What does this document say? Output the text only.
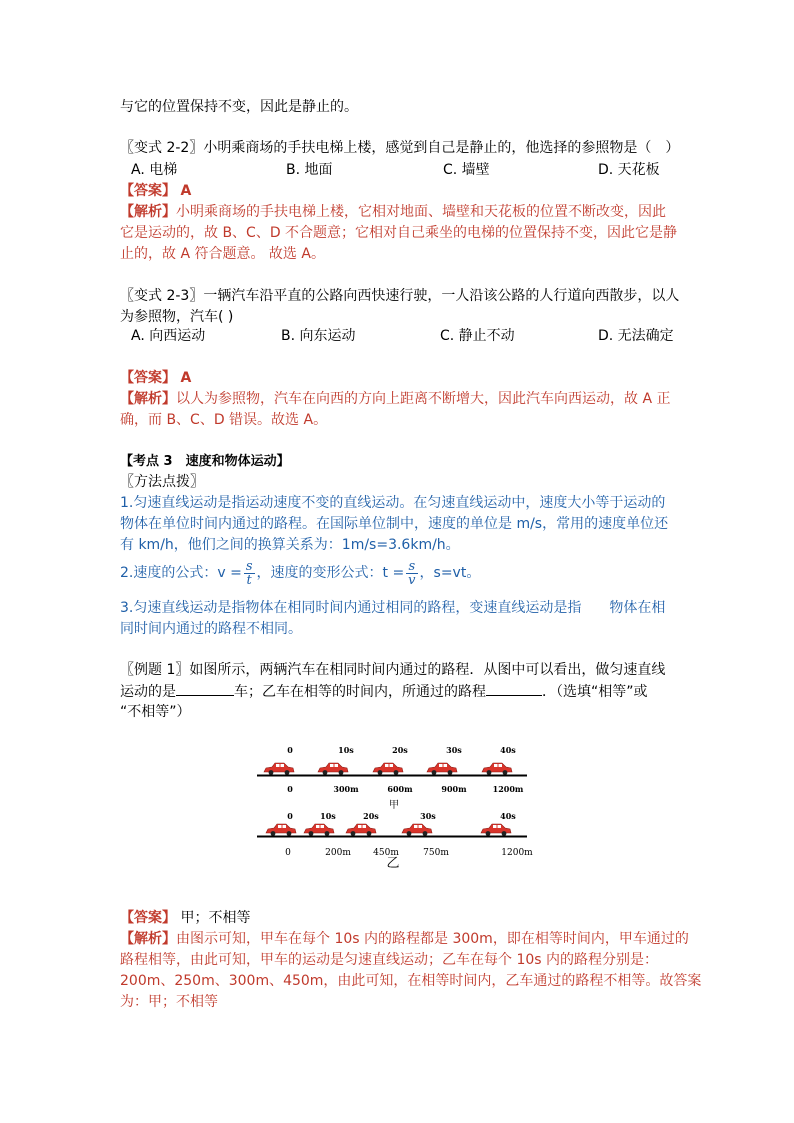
与它的位置保持不变，因此是静止的。
〖变式 2-2〗小明乘商场的手扶电梯上楼，感觉到自己是静止的，他选择的参照物是（　）
A. 电梯	B. 地面	C. 墙壁	D. 天花板
【答案】 A
【解析】小明乘商场的手扶电梯上楼，它相对地面、墙壁和天花板的位置不断改变，因此
它是运动的，故 B、C、D 不合题意；它相对自己乘坐的电梯的位置保持不变，因此它是静
止的，故 A 符合题意。 故选 A。
〖变式 2-3〗一辆汽车沿平直的公路向西快速行驶，一人沿该公路的人行道向西散步，以人
为参照物，汽车( )
A. 向西运动	B. 向东运动	C. 静止不动	D. 无法确定
【答案】 A
【解析】以人为参照物，汽车在向西的方向上距离不断增大，因此汽车向西运动，故 A 正
确，而 B、C、D 错误。故选 A。
【考点 3　速度和物体运动】
〖方法点拨〗
1.匀速直线运动是指运动速度不变的直线运动。在匀速直线运动中，速度大小等于运动的
物体在单位时间内通过的路程。在国际单位制中，速度的单位是 m/s，常用的速度单位还
有 km/h，他们之间的换算关系为：1m/s=3.6km/h。
2.速度的公式：$v = \frac{s}{t}$ ，速度的变形公式：$t = \frac{s}{v}$ ，s=vt。
3.匀速直线运动是指物体在相同时间内通过相同的路程，变速直线运动是指　　物体在相
同时间内通过的路程不相同。
〖例题 1〗如图所示，两辆汽车在相同时间内通过的路程．从图中可以看出，做匀速直线
运动的是	车；乙车在相等的时间内，所通过的路程	．（选填“相等”或
“不相等”）
0	10s	20s	30s	40s
0	300m	600m	900m	1200m
甲
0	10s	20s	30s	40s
0	200m 450m	750m	1200m
乙
【答案】 甲；不相等
【解析】由图示可知，甲车在每个 10s 内的路程都是 300m，即在相等时间内，甲车通过的
路程相等，由此可知，甲车的运动是匀速直线运动；乙车在每个 10s 内的路程分别是：
200m、250m、300m、450m，由此可知，在相等时间内，乙车通过的路程不相等。故答案
为：甲；不相等
